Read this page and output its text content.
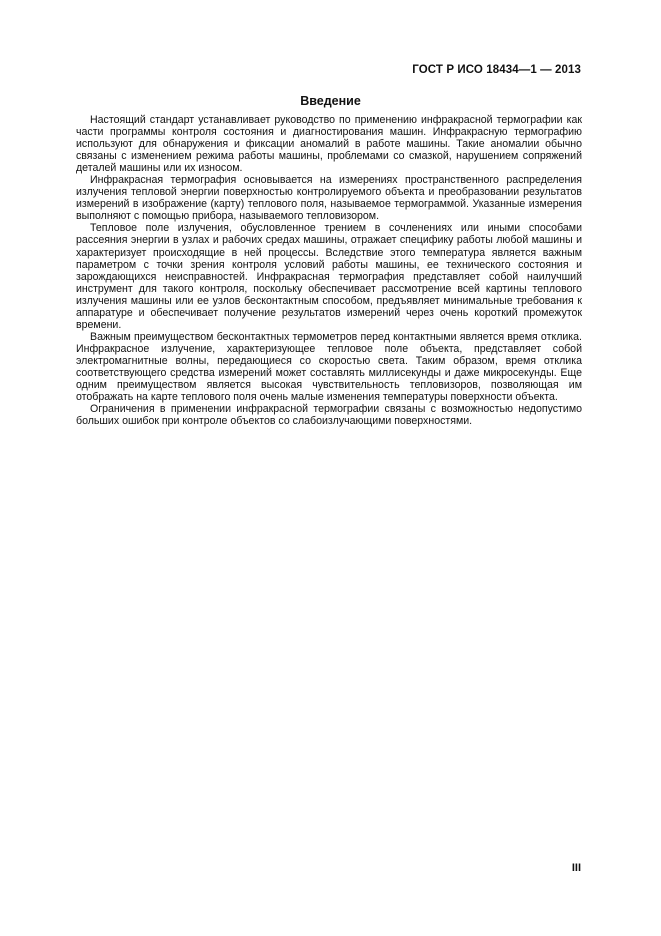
ГОСТ Р ИСО 18434—1 — 2013
Введение

Настоящий стандарт устанавливает руководство по применению инфракрасной термографии как части программы контроля состояния и диагностирования машин. Инфракрасную термографию используют для обнаружения и фиксации аномалий в работе машины. Такие аномалии обычно связаны с изменением режима работы машины, проблемами со смазкой, нарушением сопряжений деталей машины или их износом.

Инфракрасная термография основывается на измерениях пространственного распределения излучения тепловой энергии поверхностью контролируемого объекта и преобразовании результатов измерений в изображение (карту) теплового поля, называемое термограммой. Указанные измерения выполняют с помощью прибора, называемого тепловизором.

Тепловое поле излучения, обусловленное трением в сочленениях или иными способами рассеяния энергии в узлах и рабочих средах машины, отражает специфику работы любой машины и характеризует происходящие в ней процессы. Вследствие этого температура является важным параметром с точки зрения контроля условий работы машины, ее технического состояния и зарождающихся неисправностей. Инфракрасная термография представляет собой наилучший инструмент для такого контроля, поскольку обеспечивает рассмотрение всей картины теплового излучения машины или ее узлов бесконтактным способом, предъявляет минимальные требования к аппаратуре и обеспечивает получение результатов измерений через очень короткий промежуток времени.

Важным преимуществом бесконтактных термометров перед контактными является время отклика. Инфракрасное излучение, характеризующее тепловое поле объекта, представляет собой электромагнитные волны, передающиеся со скоростью света. Таким образом, время отклика соответствующего средства измерений может составлять миллисекунды и даже микросекунды. Еще одним преимуществом является высокая чувствительность тепловизоров, позволяющая им отображать на карте теплового поля очень малые изменения температуры поверхности объекта.

Ограничения в применении инфракрасной термографии связаны с возможностью недопустимо больших ошибок при контроле объектов со слабоизлучающими поверхностями.

III
